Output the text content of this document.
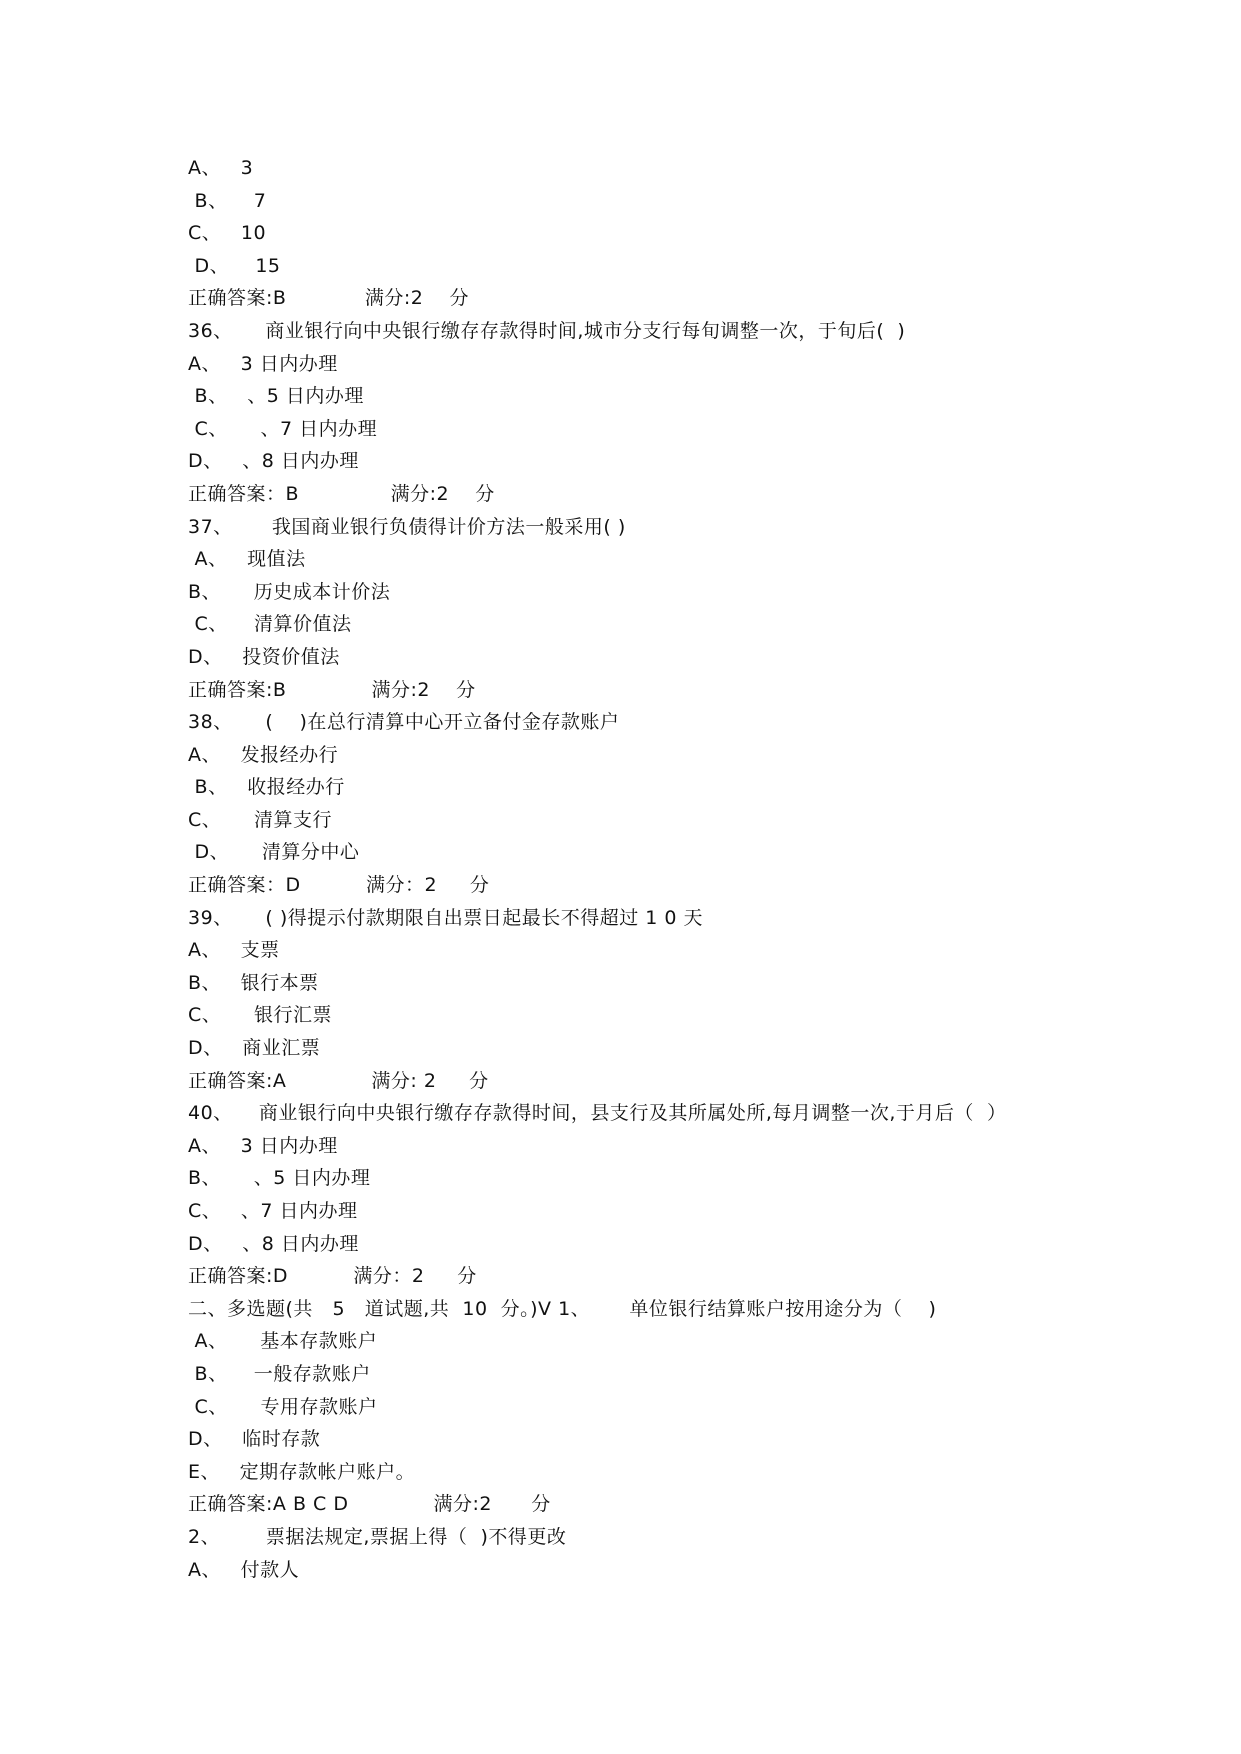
A、   3
B、    7
C、   10
D、    15
正确答案:B            满分:2    分
36、     商业银行向中央银行缴存存款得时间,城市分支行每旬调整一次，于旬后(  )
A、   3 日内办理
B、   、5 日内办理
C、     、7 日内办理
D、   、8 日内办理
正确答案：B              满分:2    分
37、      我国商业银行负债得计价方法一般采用( )
A、   现值法
B、     历史成本计价法
C、    清算价值法
D、   投资价值法
正确答案:B             满分:2    分
38、     (    )在总行清算中心开立备付金存款账户
A、   发报经办行
B、   收报经办行
C、     清算支行
D、     清算分中心
正确答案：D          满分：2     分
39、     ( )得提示付款期限自出票日起最长不得超过 1 0 天
A、   支票
B、   银行本票
C、     银行汇票
D、   商业汇票
正确答案:A             满分: 2     分
40、    商业银行向中央银行缴存存款得时间，县支行及其所属处所,每月调整一次,于月后（  ）
A、   3 日内办理
B、     、5 日内办理
C、   、7 日内办理
D、   、8 日内办理
正确答案:D          满分：2     分
二、多选题(共   5   道试题,共  10  分。)V 1、      单位银行结算账户按用途分为（    )
A、     基本存款账户
B、    一般存款账户
C、     专用存款账户
D、   临时存款
E、   定期存款帐户账户。
正确答案:A B C D             满分:2      分
2、       票据法规定,票据上得（  )不得更改
A、   付款人
